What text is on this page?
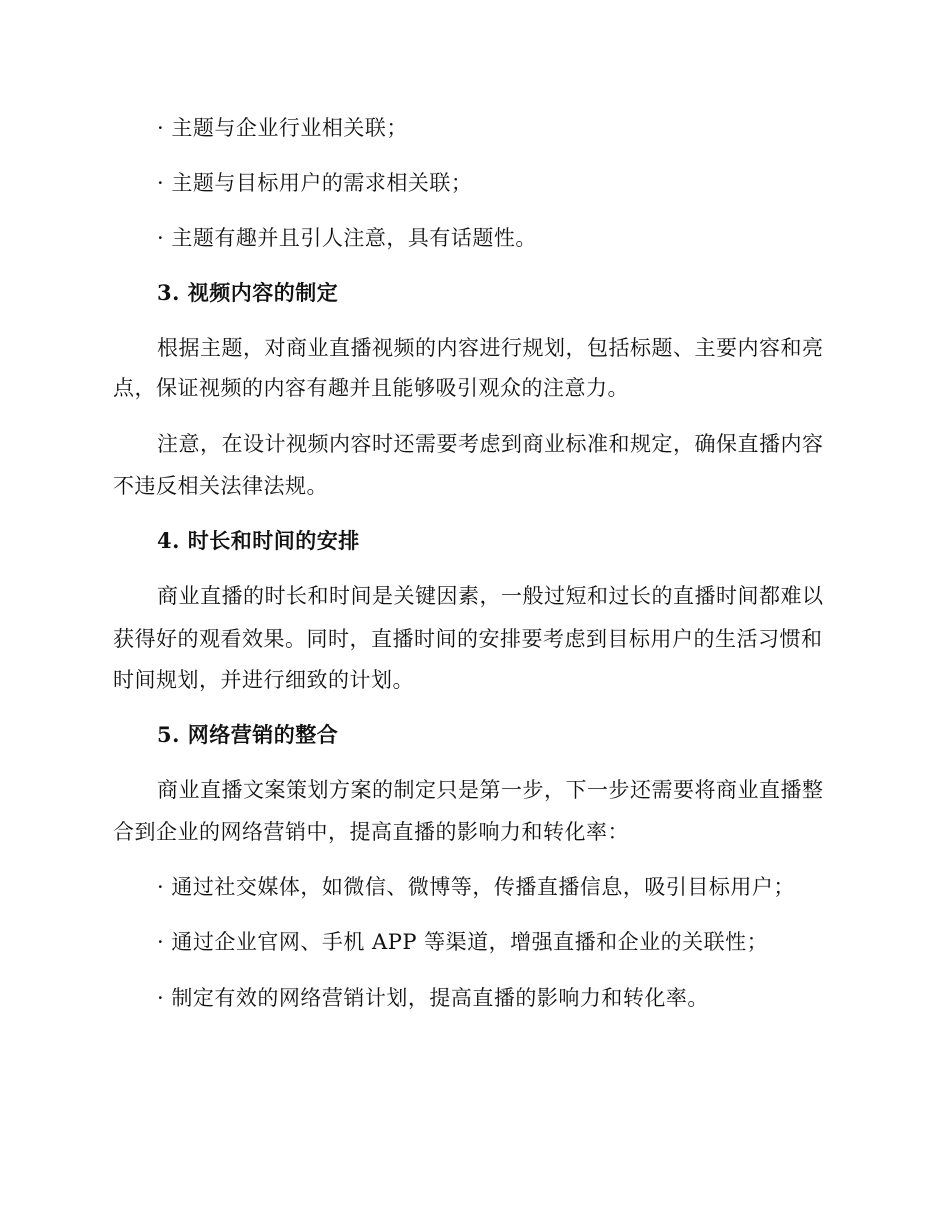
· 主题与企业行业相关联；
· 主题与目标用户的需求相关联；
· 主题有趣并且引人注意，具有话题性。
3. 视频内容的制定
根据主题，对商业直播视频的内容进行规划，包括标题、主要内容和亮
点，保证视频的内容有趣并且能够吸引观众的注意力。
注意，在设计视频内容时还需要考虑到商业标准和规定，确保直播内容
不违反相关法律法规。
4. 时长和时间的安排
商业直播的时长和时间是关键因素，一般过短和过长的直播时间都难以
获得好的观看效果。同时，直播时间的安排要考虑到目标用户的生活习惯和
时间规划，并进行细致的计划。
5. 网络营销的整合
商业直播文案策划方案的制定只是第一步，下一步还需要将商业直播整
合到企业的网络营销中，提高直播的影响力和转化率：
· 通过社交媒体，如微信、微博等，传播直播信息，吸引目标用户；
· 通过企业官网、手机 APP 等渠道，增强直播和企业的关联性；
· 制定有效的网络营销计划，提高直播的影响力和转化率。
